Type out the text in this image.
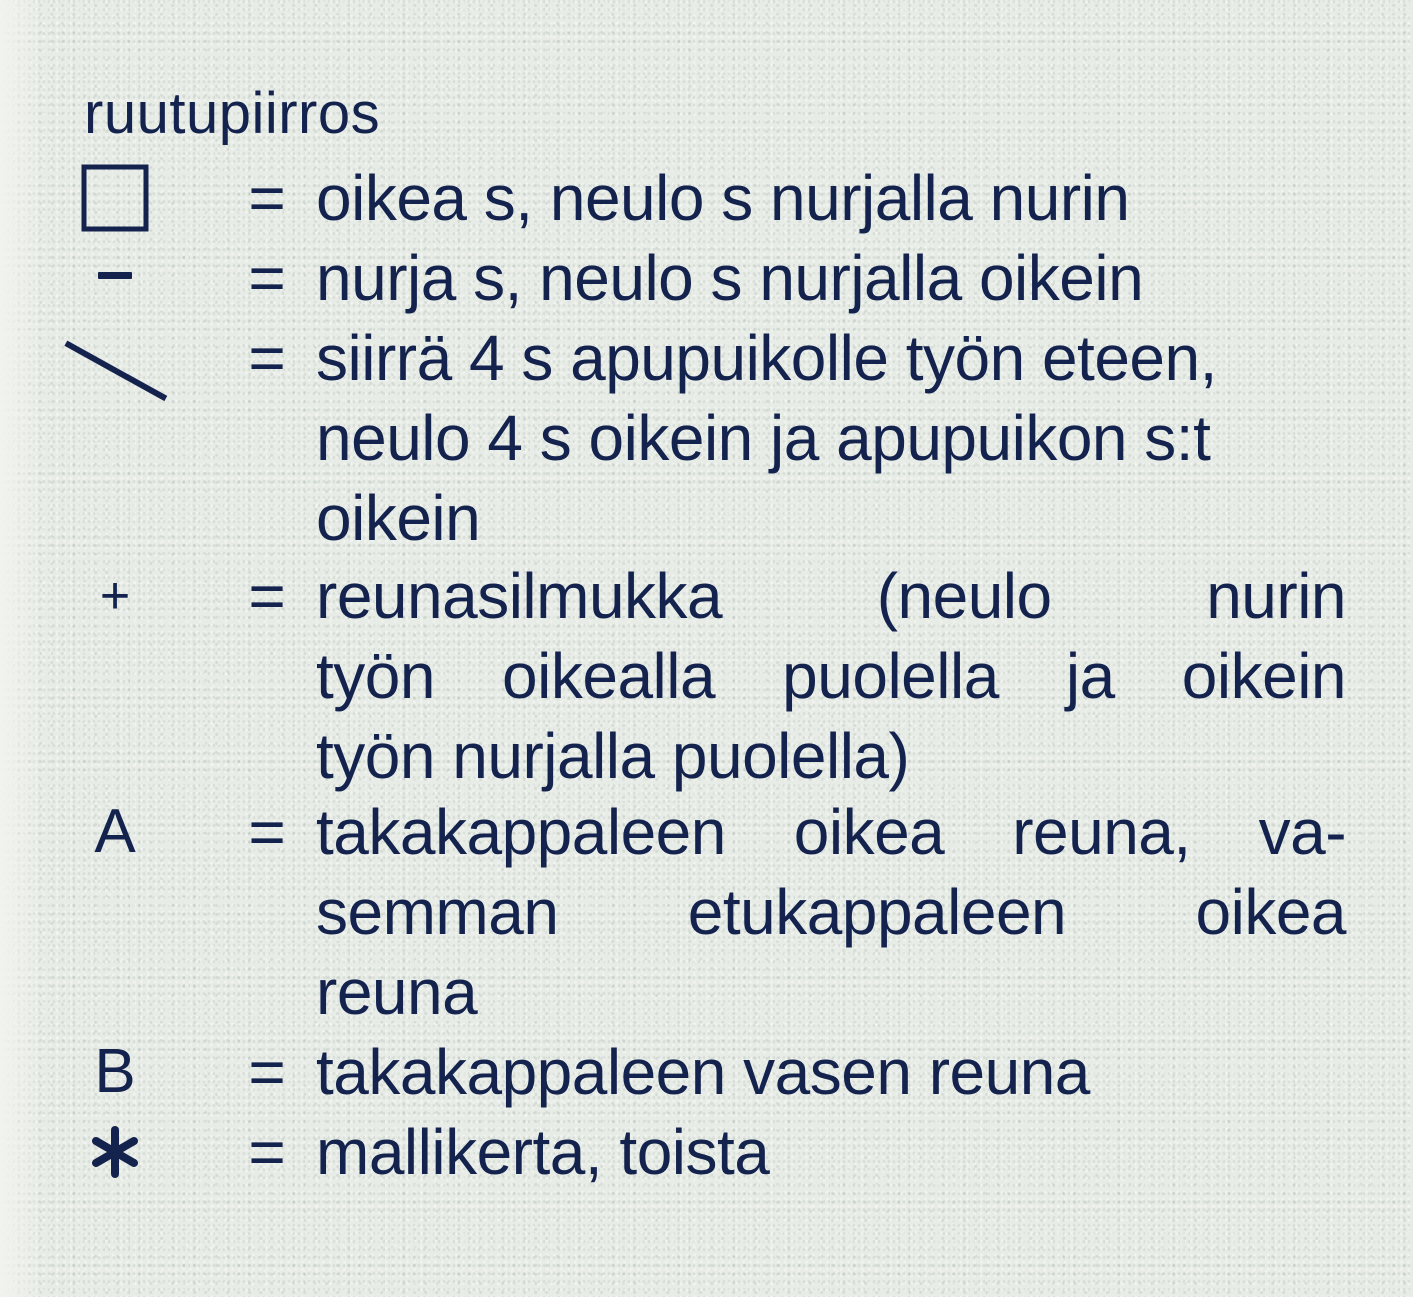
ruutupiirros
= oikea s, neulo s nurjalla nurin
= nurja s, neulo s nurjalla oikein
= siirrä 4 s apupuikolle työn eteen,
neulo 4 s oikein ja apupuikon s:t
oikein
+ = reunasilmukka (neulo nurin
työn oikealla puolella ja oikein
työn nurjalla puolella)
A	= takakappaleen oikea reuna, va-
semman etukappaleen oikea
reuna
B	= takakappaleen vasen reuna
= mallikerta, toista
